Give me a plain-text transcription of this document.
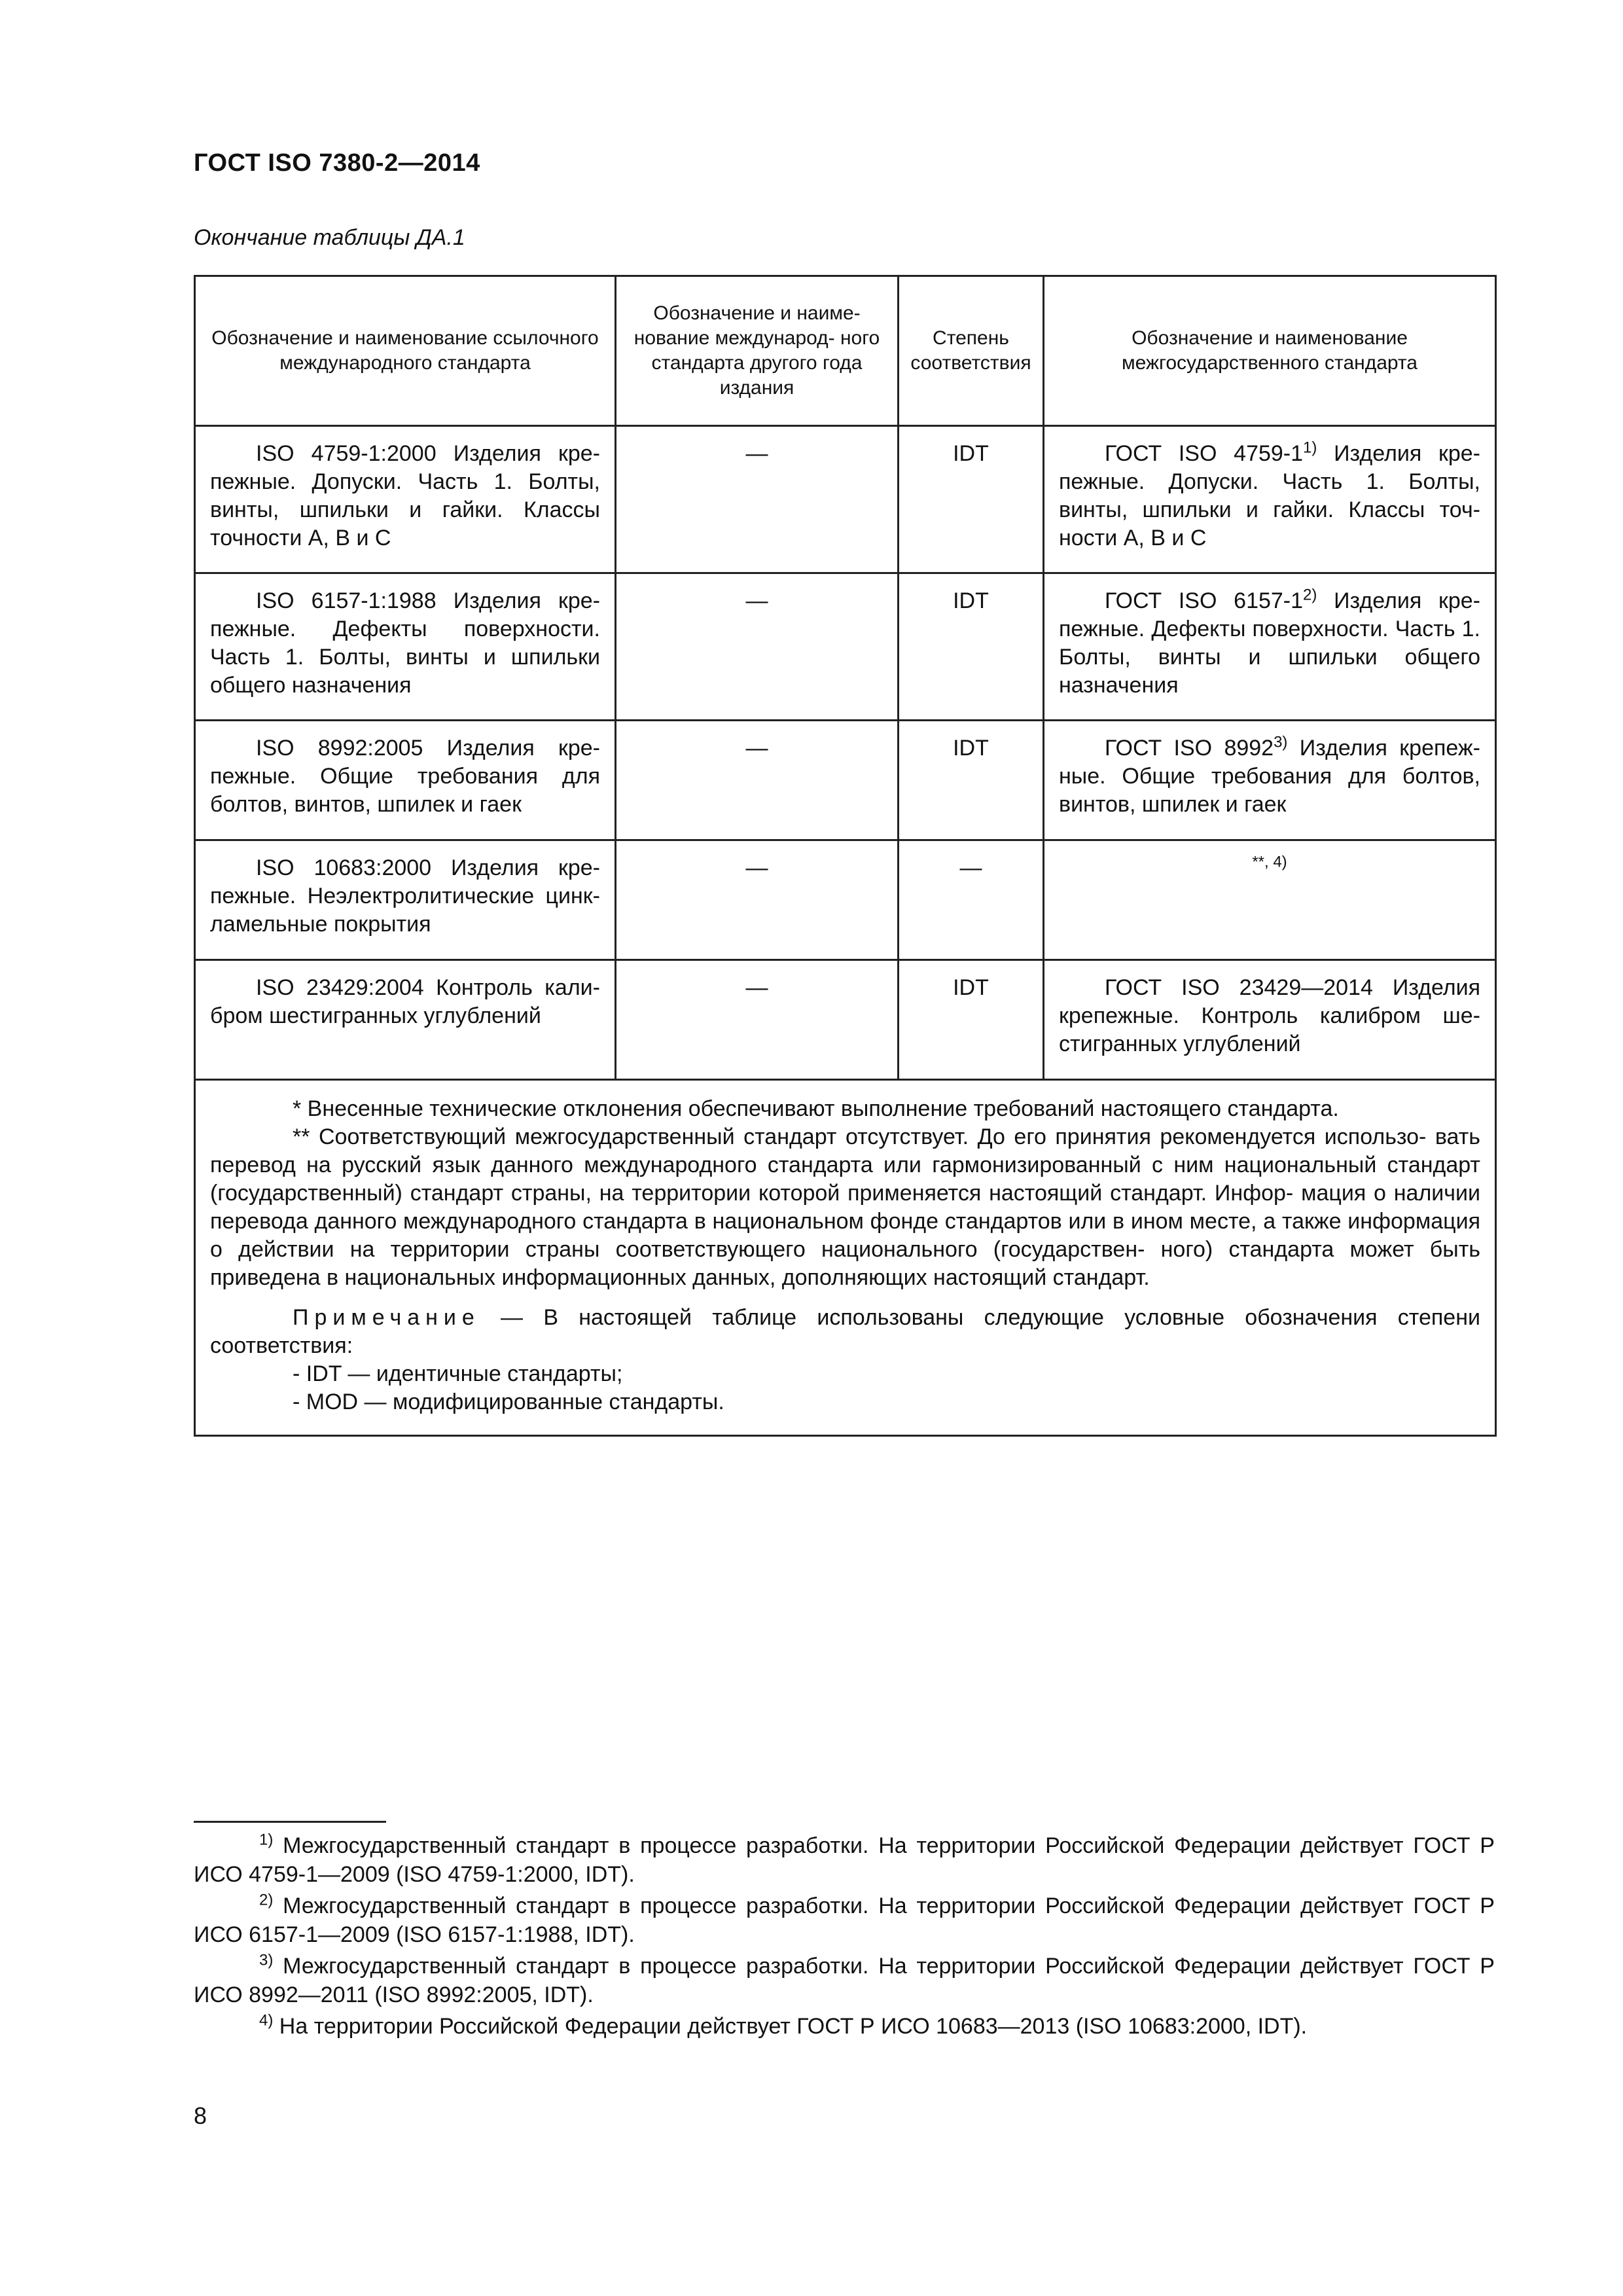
ГОСТ ISO 7380-2—2014
Окончание таблицы ДА.1
Обозначение и наименование ссылочного международного стандарта	Обозначение и наиме- нование международ- ного стандарта другого года издания	Степень соответствия	Обозначение и наименование межгосударственного стандарта
ISO 4759-1:2000 Изделия кре- пежные. Допуски. Часть 1. Болты, винты, шпильки и гайки. Классы точности А, В и С	—	IDT	ГОСТ ISO 4759-1$^{1)}$ Изделия кре- пежные. Допуски. Часть 1. Болты, винты, шпильки и гайки. Классы точ- ности А, В и С
ISO 6157-1:1988 Изделия кре- пежные. Дефекты поверхности. Часть 1. Болты, винты и шпильки общего назначения	—	IDT	ГОСТ ISO 6157-1$^{2)}$ Изделия кре- пежные. Дефекты поверхности. Часть 1. Болты, винты и шпильки общего назначения
ISO 8992:2005 Изделия кре- пежные. Общие требования для болтов, винтов, шпилек и гаек	—	IDT	ГОСТ ISO 8992$^{3)}$ Изделия крепеж- ные. Общие требования для болтов, винтов, шпилек и гаек
ISO 10683:2000 Изделия кре- пежные. Неэлектролитические цинк-ламельные покрытия	—	—	$^{**, 4)}$
ISO 23429:2004 Контроль кали- бром шестигранных углублений	—	IDT	ГОСТ ISO 23429—2014 Изделия крепежные. Контроль калибром ше- стигранных углублений

* Внесенные технические отклонения обеспечивают выполнение требований настоящего стандарта.

** Соответствующий межгосударственный стандарт отсутствует. До его принятия рекомендуется использо- вать перевод на русский язык данного международного стандарта или гармонизированный с ним национальный стандарт (государственный) стандарт страны, на территории которой применяется настоящий стандарт. Инфор- мация о наличии перевода данного международного стандарта в национальном фонде стандартов или в ином месте, а также информация о действии на территории страны соответствующего национального (государствен- ного) стандарта может быть приведена в национальных информационных данных, дополняющих настоящий стандарт.

Примечание — В настоящей таблице использованы следующие условные обозначения степени соответствия:

- IDT — идентичные стандарты;

- MOD — модифицированные стандарты.			

$^{1)}$ Межгосударственный стандарт в процессе разработки. На территории Российской Федерации действует ГОСТ Р ИСО 4759-1—2009 (ISO 4759-1:2000, IDT).

$^{2)}$ Межгосударственный стандарт в процессе разработки. На территории Российской Федерации действует ГОСТ Р ИСО 6157-1—2009 (ISO 6157-1:1988, IDT).

$^{3)}$ Межгосударственный стандарт в процессе разработки. На территории Российской Федерации действует ГОСТ Р ИСО 8992—2011 (ISO 8992:2005, IDT).

$^{4)}$ На территории Российской Федерации действует ГОСТ Р ИСО 10683—2013 (ISO 10683:2000, IDT).

8
